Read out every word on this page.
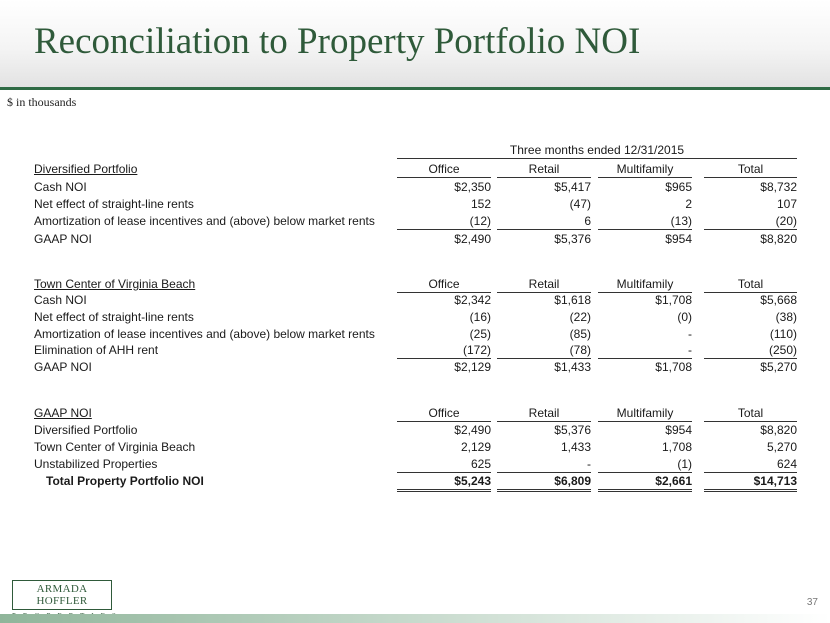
Reconciliation to Property Portfolio NOI
$ in thousands
Three months ended 12/31/2015
Diversified Portfolio	Office	Retail	Multifamily	Total
Cash NOI	$2,350	$5,417	$965	$8,732
Net effect of straight-line rents	152	(47)	2	107
Amortization of lease incentives and (above) below market rents	(12)	6	(13)	(20)
GAAP NOI	$2,490	$5,376	$954	$8,820
Town Center of Virginia Beach	Office	Retail	Multifamily	Total
Cash NOI	$2,342	$1,618	$1,708	$5,668
Net effect of straight-line rents	(16)	(22)	(0)	(38)
Amortization of lease incentives and (above) below market rents	(25)	(85)	-	(110)
Elimination of AHH rent	(172)	(78)	-	(250)
GAAP NOI	$2,129	$1,433	$1,708	$5,270
GAAP NOI	Office	Retail	Multifamily	Total
Diversified Portfolio	$2,490	$5,376	$954	$8,820
Town Center of Virginia Beach	2,129	1,433	1,708	5,270
Unstabilized Properties	625	-	(1)	624
Total Property Portfolio NOI	$5,243	$6,809	$2,661	$14,713
ARMADA HOFFLER	37
